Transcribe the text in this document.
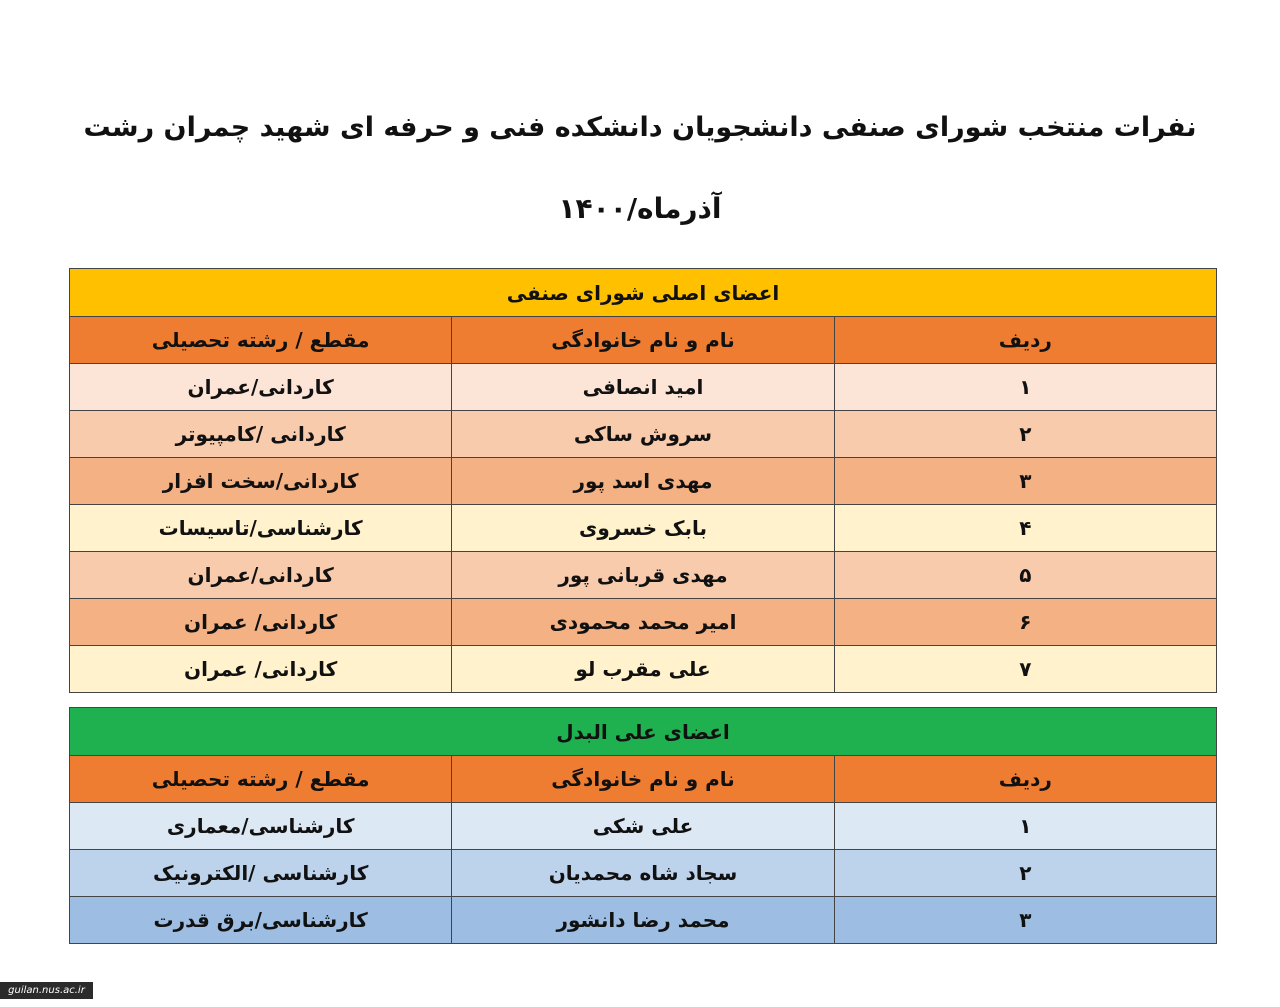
نفرات منتخب شورای صنفی دانشجویان دانشکده فنی و حرفه ای شهید چمران رشت
آذرماه/۱۴۰۰
اعضای اصلی شورای صنفی		
ردیف	نام و نام خانوادگی	مقطع / رشته تحصیلی
۱	امید انصافی	کاردانی/عمران
۲	سروش ساکی	کاردانی /کامپیوتر
۳	مهدی اسد پور	کاردانی/سخت افزار
۴	بابک خسروی	کارشناسی/تاسیسات
۵	مهدی قربانی پور	کاردانی/عمران
۶	امیر محمد محمودی	کاردانی/ عمران
۷	علی مقرب لو	کاردانی/ عمران
اعضای علی البدل		
ردیف	نام و نام خانوادگی	مقطع / رشته تحصیلی
۱	علی شکی	کارشناسی/معماری
۲	سجاد شاه محمدیان	کارشناسی /الکترونیک
۳	محمد رضا دانشور	کارشناسی/برق قدرت
guilan.nus.ac.ir
